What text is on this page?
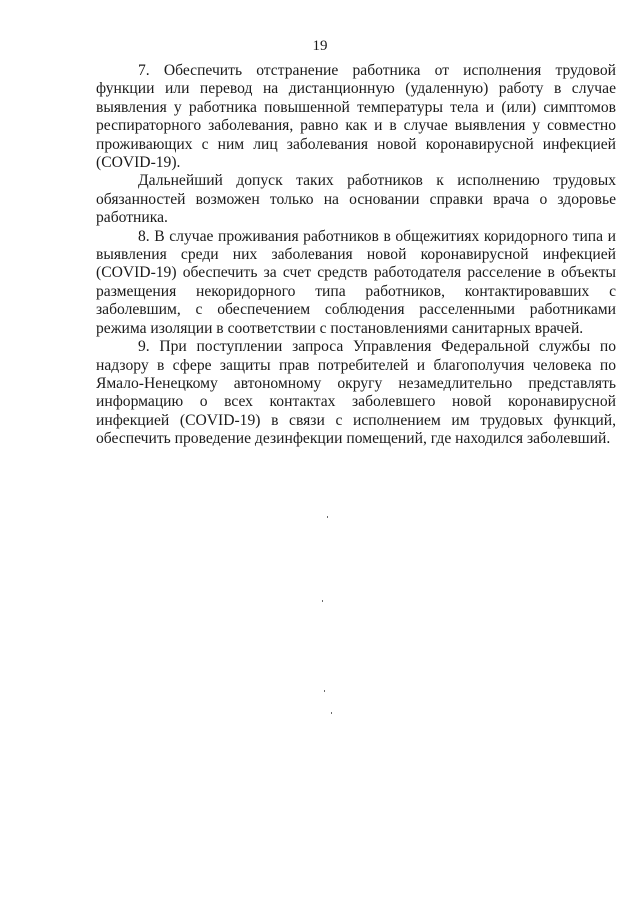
19

7. Обеспечить отстранение работника от исполнения трудовой функции или перевод на дистанционную (удаленную) работу в случае выявления у работника повышенной температуры тела и (или) симптомов респираторного заболевания, равно как и в случае выявления у совместно проживающих с ним лиц заболевания новой коронавирусной инфекцией (COVID-19).

Дальнейший допуск таких работников к исполнению трудовых обязанностей возможен только на основании справки врача о здоровье работника.

8. В случае проживания работников в общежитиях коридорного типа и выявления среди них заболевания новой коронавирусной инфекцией (COVID-19) обеспечить за счет средств работодателя расселение в объекты размещения некоридорного типа работников, контактировавших с заболевшим, с обеспечением соблюдения расселенными работниками режима изоляции в соответствии с постановлениями санитарных врачей.

9. При поступлении запроса Управления Федеральной службы по надзору в сфере защиты прав потребителей и благополучия человека по Ямало-Ненецкому автономному округу незамедлительно представлять информацию о всех контактах заболевшего новой коронавирусной инфекцией (COVID-19) в связи с исполнением им трудовых функций, обеспечить проведение дезинфекции помещений, где находился заболевший.
